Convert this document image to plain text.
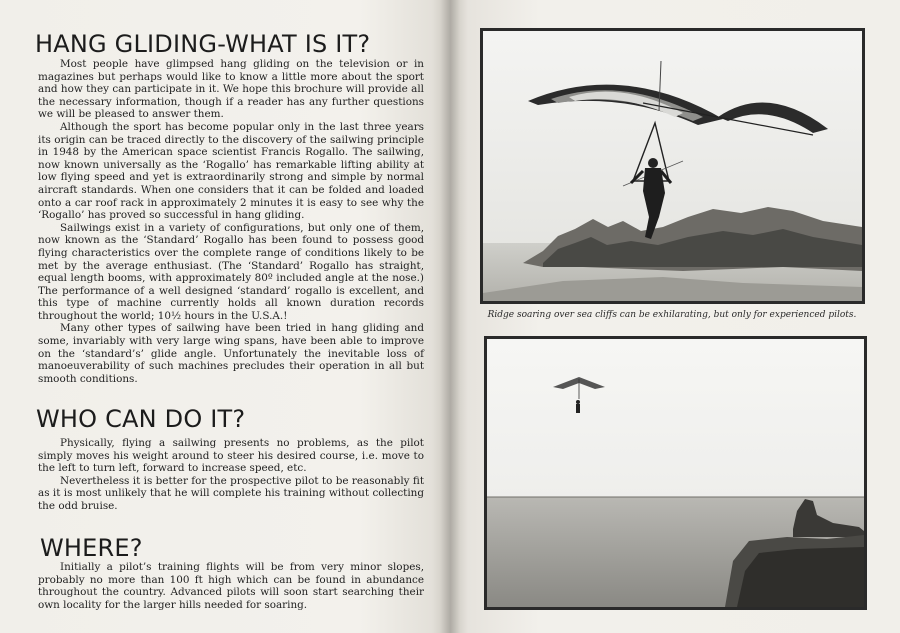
HANG GLIDING-WHAT IS IT?

Most people have glimpsed hang gliding on the television or in magazines but perhaps would like to know a little more about the sport and how they can participate in it. We hope this brochure will provide all the necessary information, though if a reader has any further questions we will be pleased to answer them.

Although the sport has become popular only in the last three years its origin can be traced directly to the discovery of the sailwing principle in 1948 by the American space scientist Francis Rogallo. The sailwing, now known universally as the ‘Rogallo’ has remarkable lifting ability at low flying speed and yet is extraordinarily strong and simple by normal aircraft standards. When one considers that it can be folded and loaded onto a car roof rack in approximately 2 minutes it is easy to see why the ‘Rogallo’ has proved so successful in hang gliding.

Sailwings exist in a variety of configurations, but only one of them, now known as the ‘Standard’ Rogallo has been found to possess good flying characteristics over the complete range of conditions likely to be met by the average enthusiast. (The ‘Standard’ Rogallo has straight, equal length booms, with approximately 80º included angle at the nose.) The performance of a well designed ‘standard’ rogallo is excellent, and this type of machine currently holds all known duration records throughout the world; 10½ hours in the U.S.A.!

Many other types of sailwing have been tried in hang gliding and some, invariably with very large wing spans, have been able to improve on the ‘standard’s’ glide angle. Unfortunately the inevitable loss of manoeuverability of such machines precludes their operation in all but smooth conditions.

WHO CAN DO IT?

Physically, flying a sailwing presents no problems, as the pilot simply moves his weight around to steer his desired course, i.e. move to the left to turn left, forward to increase speed, etc.

Nevertheless it is better for the prospective pilot to be reasonably fit as it is most unlikely that he will complete his training without collecting the odd bruise.

WHERE?

Initially a pilot’s training flights will be from very minor slopes, probably no more than 100 ft high which can be found in abundance throughout the country. Advanced pilots will soon start searching their own locality for the larger hills needed for soaring.

Ridge soaring over sea cliffs can be exhilarating, but only for experienced pilots.
